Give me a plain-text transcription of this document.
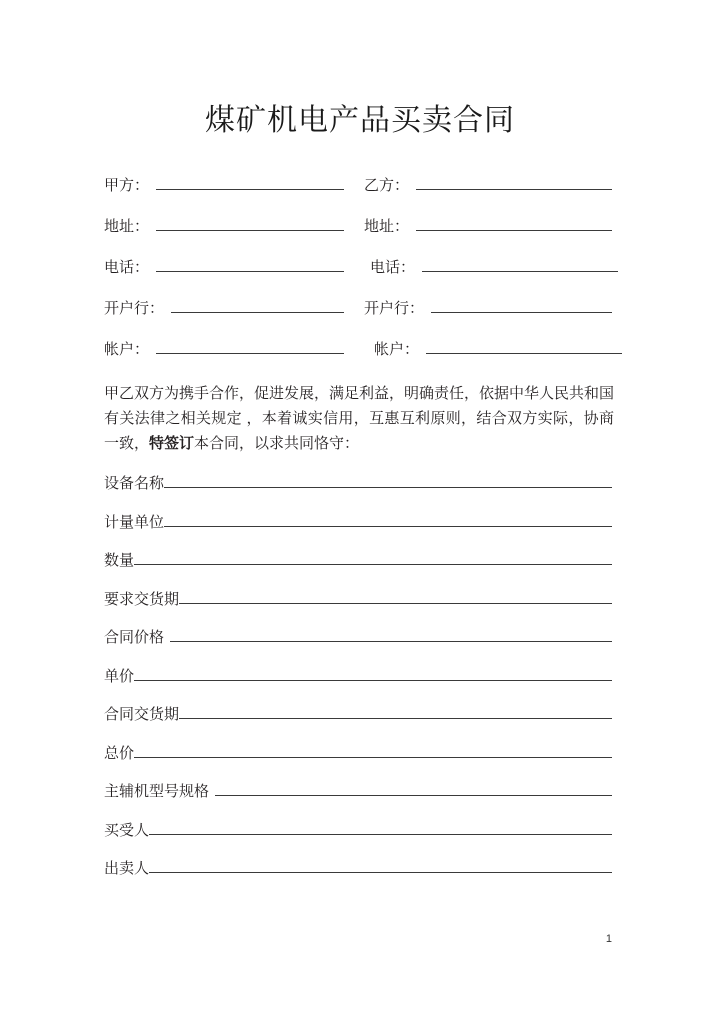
煤矿机电产品买卖合同
甲方：	乙方：
地址：	地址：
电话：	电话：
开户行：	开户行：
帐户：	帐户：
甲乙双方为携手合作，促进发展，满足利益，明确责任，依据中华人民共和国有关法律之相关规定 ，本着诚实信用，互惠互利原则，结合双方实际，协商一致，特签订本合同，以求共同恪守：
设备名称
计量单位
数量
要求交货期
合同价格
单价
合同交货期
总价
主辅机型号规格
买受人
出卖人
1
